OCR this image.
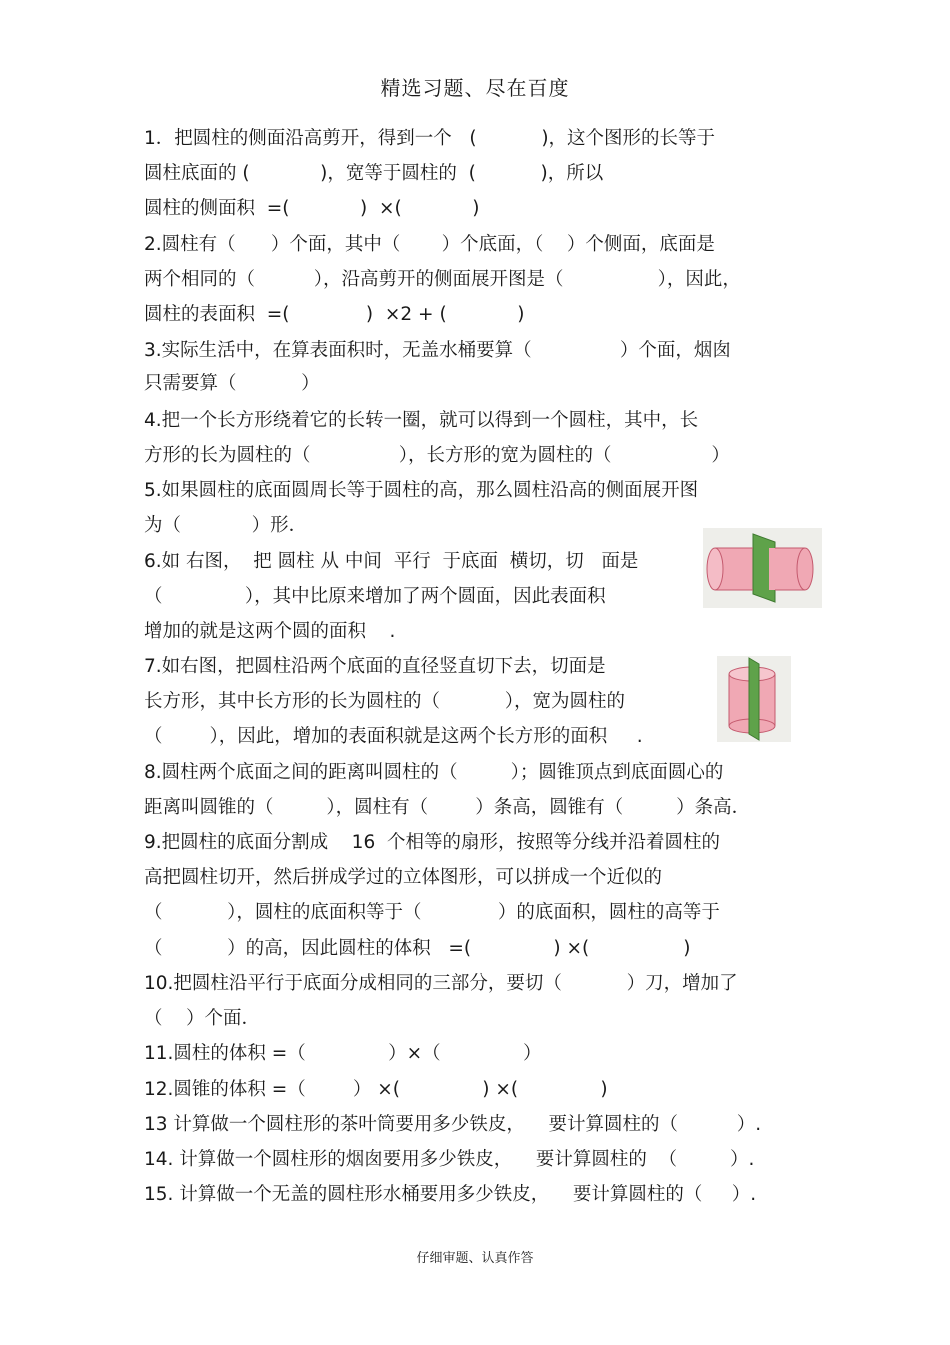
精选习题、尽在百度
1．把圆柱的侧面沿高剪开，得到一个   (           )，这个图形的长等于
圆柱底面的 (            )，宽等于圆柱的  (           )，所以
圆柱的侧面积  =(            )  ×(            )
2.圆柱有（      ）个面，其中（       ）个底面，（    ）个侧面，底面是
两个相同的（          ），沿高剪开的侧面展开图是（                ），因此，
圆柱的表面积  =(             )  ×2 + (            )
3.实际生活中，在算表面积时，无盖水桶要算（               ）个面，烟囱
只需要算（           ）
4.把一个长方形绕着它的长转一圈，就可以得到一个圆柱，其中，长
方形的长为圆柱的（               ），长方形的宽为圆柱的（                 ）
5.如果圆柱的底面圆周长等于圆柱的高，那么圆柱沿高的侧面展开图
为（            ）形．
6.如 右图，  把 圆柱 从 中间  平行  于底面  横切，切   面是
（              ），其中比原来增加了两个圆面，因此表面积
增加的就是这两个圆的面积    .
7.如右图，把圆柱沿两个底面的直径竖直切下去，切面是
长方形，其中长方形的长为圆柱的（           ），宽为圆柱的
（        ），因此，增加的表面积就是这两个长方形的面积     .
8.圆柱两个底面之间的距离叫圆柱的（         ）；圆锥顶点到底面圆心的
距离叫圆锥的（         ），圆柱有（        ）条高，圆锥有（         ）条高．
9.把圆柱的底面分割成    16  个相等的扇形，按照等分线并沿着圆柱的
高把圆柱切开，然后拼成学过的立体图形，可以拼成一个近似的
（           ），圆柱的底面积等于（             ）的底面积，圆柱的高等于
（           ）的高，因此圆柱的体积   =(              ) ×(                )
10.把圆柱沿平行于底面分成相同的三部分，要切（           ）刀，增加了
（    ）个面．
11.圆柱的体积 =（              ）×（              ）
12.圆锥的体积 =（        ） ×(              ) ×(              )
13 计算做一个圆柱形的茶叶筒要用多少铁皮，    要计算圆柱的（          ）.
14. 计算做一个圆柱形的烟囱要用多少铁皮，    要计算圆柱的  （         ）.
15. 计算做一个无盖的圆柱形水桶要用多少铁皮，    要计算圆柱的（     ）.
仔细审题、认真作答
